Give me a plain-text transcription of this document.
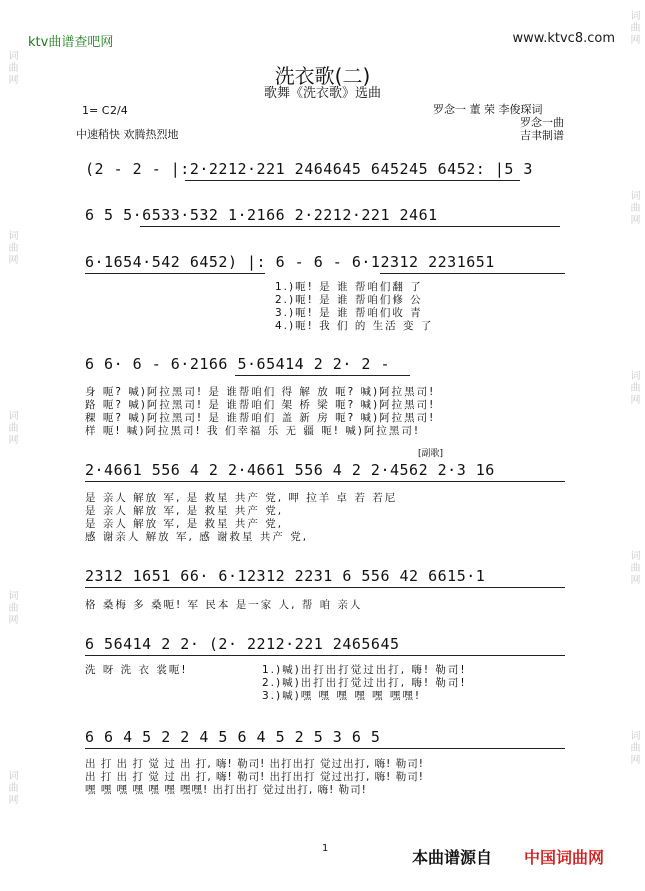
词曲网
词曲网
词曲网
词曲网
词曲网
词曲网
词曲网
词曲网
词曲网
词曲网
ktv曲谱查吧网	www.ktvc8.com
洗衣歌(二)
歌舞《洗衣歌》选曲
1= C 2/4
中速稍快 欢腾热烈地
罗念一 董 荣 李俊琛词
罗念一曲
吉聿制谱
(2 - 2 - |:2·2212·221 2464645 645245 6452: |5 3
6 5 5·6533·532 1·2166 2·2212·221 2461
6·1654·542 6452) |: 6 - 6 - 6·12312 2231651
1.)呃! 是 谁 帮咱们翻 了
2.)呃! 是 谁 帮咱们修 公
3.)呃! 是 谁 帮咱们收 青
4.)呃! 我 们 的 生活 变 了
6 6· 6 - 6·2166 5·65414 2 2· 2 -
身 呃? 喊)阿拉黑司! 是 谁帮咱们 得 解 放 呃? 喊)阿拉黑司!
路 呃? 喊)阿拉黑司! 是 谁帮咱们 架 桥 梁 呃? 喊)阿拉黑司!
稞 呃? 喊)阿拉黑司! 是 谁帮咱们 盖 新 房 呃? 喊)阿拉黑司!
样 呃! 喊)阿拉黑司! 我 们幸福 乐 无 疆 呃! 喊)阿拉黑司!
[副歌]
2·4661 556 4 2 2·4661 556 4 2 2·4562 2·3 16
是 亲人 解放 军, 是 救星 共产 党, 呷 拉羊 卓 若 若尼
是 亲人 解放 军, 是 救星 共产 党,
是 亲人 解放 军, 是 救星 共产 党,
感 谢亲人 解放 军, 感 谢救星 共产 党,
2312 1651 66· 6·12312 2231 6 556 42 6615·1
格 桑梅 多 桑呃! 军 民本 是一家 人, 帮 咱 亲人
6 56414 2 2· (2· 2212·221 2465645
洗 呀 洗 衣 裳呃!	1.)喊)出打出打觉过出打, 嗨! 勒司!
2.)喊)出打出打觉过出打, 嗨! 勒司!
3.)喊)嘿 嘿 嘿 嘿 嘿 嘿嘿!
6 6 4 5 2 2 4 5 6 4 5 2 5 3 6 5
出 打 出 打 觉 过 出 打, 嗨! 勒司! 出打出打 觉过出打, 嗨! 勒司!
出 打 出 打 觉 过 出 打, 嗨! 勒司! 出打出打 觉过出打, 嗨! 勒司!
嘿 嘿 嘿 嘿 嘿 嘿 嘿嘿! 出打出打 觉过出打, 嗨! 勒司!
1	本曲谱源自 中国词曲网
